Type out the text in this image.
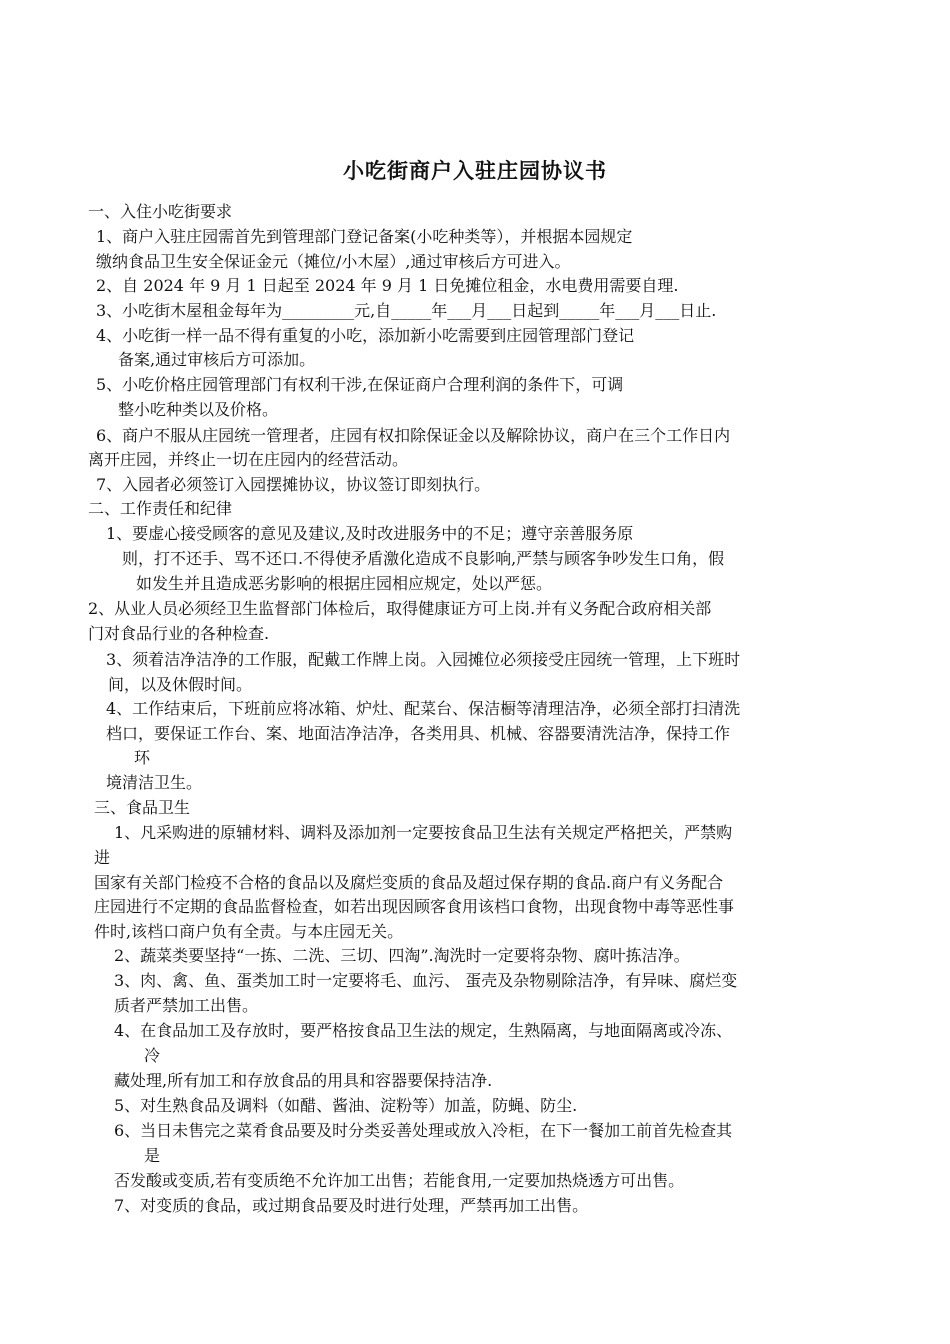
小吃街商户入驻庄园协议书
一、入住小吃街要求
1、商户入驻庄园需首先到管理部门登记备案(小吃种类等），并根据本园规定
缴纳食品卫生安全保证金元（摊位/小木屋）,通过审核后方可进入。
2、自 2024 年 9 月 1 日起至 2024 年 9 月 1 日免摊位租金，水电费用需要自理.
3、小吃街木屋租金每年为_________元,自_____年___月___日起到_____年___月___日止.
4、小吃街一样一品不得有重复的小吃，添加新小吃需要到庄园管理部门登记
备案,通过审核后方可添加。
5、小吃价格庄园管理部门有权利干涉,在保证商户合理利润的条件下，可调
整小吃种类以及价格。
6、商户不服从庄园统一管理者，庄园有权扣除保证金以及解除协议，商户在三个工作日内
离开庄园，并终止一切在庄园内的经营活动。
7、入园者必须签订入园摆摊协议，协议签订即刻执行。
二、工作责任和纪律
1、要虚心接受顾客的意见及建议,及时改进服务中的不足；遵守亲善服务原
则，打不还手、骂不还口.不得使矛盾激化造成不良影响,严禁与顾客争吵发生口角，假
如发生并且造成恶劣影响的根据庄园相应规定，处以严惩。
2、从业人员必须经卫生监督部门体检后，取得健康证方可上岗.并有义务配合政府相关部
门对食品行业的各种检查.
3、须着洁净洁净的工作服，配戴工作牌上岗。入园摊位必须接受庄园统一管理，上下班时
间，以及休假时间。
4、工作结束后，下班前应将冰箱、炉灶、配菜台、保洁橱等清理洁净，必须全部打扫清洗
档口，要保证工作台、案、地面洁净洁净，各类用具、机械、容器要清洗洁净，保持工作
环
境清洁卫生。
三、食品卫生
1、凡采购进的原辅材料、调料及添加剂一定要按食品卫生法有关规定严格把关，严禁购
进
国家有关部门检疫不合格的食品以及腐烂变质的食品及超过保存期的食品.商户有义务配合
庄园进行不定期的食品监督检查，如若出现因顾客食用该档口食物，出现食物中毒等恶性事
件时,该档口商户负有全责。与本庄园无关。
2、蔬菜类要坚持“一拣、二洗、三切、四淘”.淘洗时一定要将杂物、腐叶拣洁净。
3、肉、禽、鱼、蛋类加工时一定要将毛、血污、 蛋壳及杂物剔除洁净，有异味、腐烂变
质者严禁加工出售。
4、在食品加工及存放时，要严格按食品卫生法的规定，生熟隔离，与地面隔离或冷冻、
冷
藏处理,所有加工和存放食品的用具和容器要保持洁净.
5、对生熟食品及调料（如醋、酱油、淀粉等）加盖，防蝇、防尘.
6、当日未售完之菜肴食品要及时分类妥善处理或放入冷柜，在下一餐加工前首先检查其
是
否发酸或变质,若有变质绝不允许加工出售；若能食用,一定要加热烧透方可出售。
7、对变质的食品，或过期食品要及时进行处理，严禁再加工出售。
